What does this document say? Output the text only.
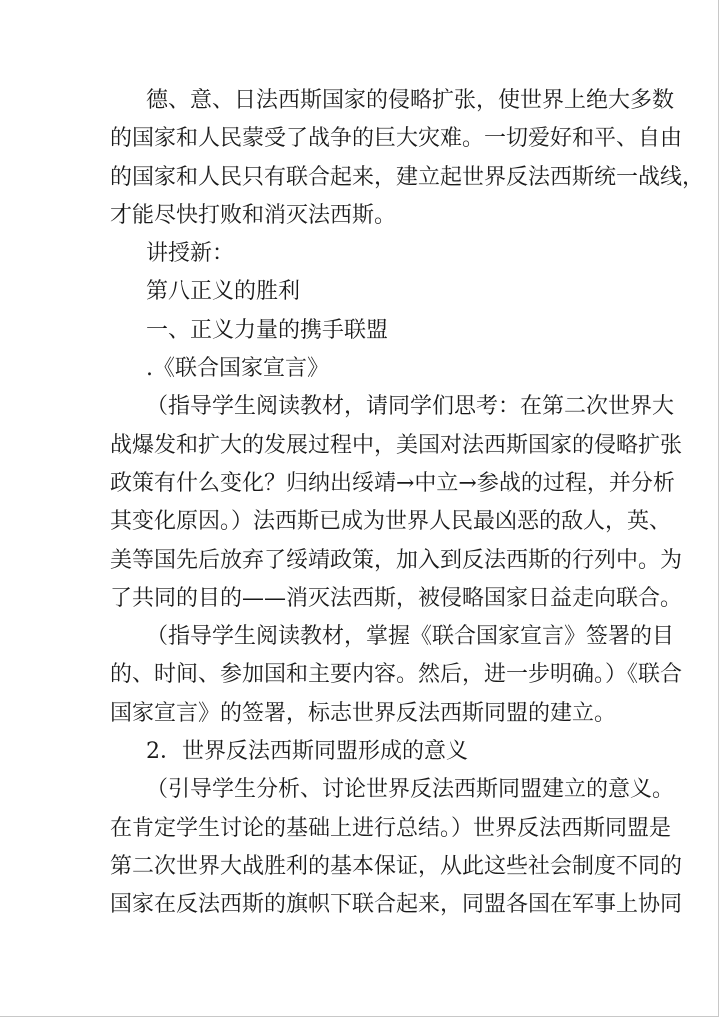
德、意、日法西斯国家的侵略扩张，使世界上绝大多数
的国家和人民蒙受了战争的巨大灾难。一切爱好和平、自由
的国家和人民只有联合起来，建立起世界反法西斯统一战线，
才能尽快打败和消灭法西斯。
讲授新：
第八正义的胜利
一、正义力量的携手联盟
.《联合国家宣言》
（指导学生阅读教材，请同学们思考：在第二次世界大
战爆发和扩大的发展过程中，美国对法西斯国家的侵略扩张
政策有什么变化？归纳出绥靖→中立→参战的过程，并分析
其变化原因。）法西斯已成为世界人民最凶恶的敌人，英、
美等国先后放弃了绥靖政策，加入到反法西斯的行列中。为
了共同的目的——消灭法西斯，被侵略国家日益走向联合。
（指导学生阅读教材，掌握《联合国家宣言》签署的目
的、时间、参加国和主要内容。然后，进一步明确。）《联合
国家宣言》的签署，标志世界反法西斯同盟的建立。
2．世界反法西斯同盟形成的意义
（引导学生分析、讨论世界反法西斯同盟建立的意义。
在肯定学生讨论的基础上进行总结。）世界反法西斯同盟是
第二次世界大战胜利的基本保证，从此这些社会制度不同的
国家在反法西斯的旗帜下联合起来，同盟各国在军事上协同
